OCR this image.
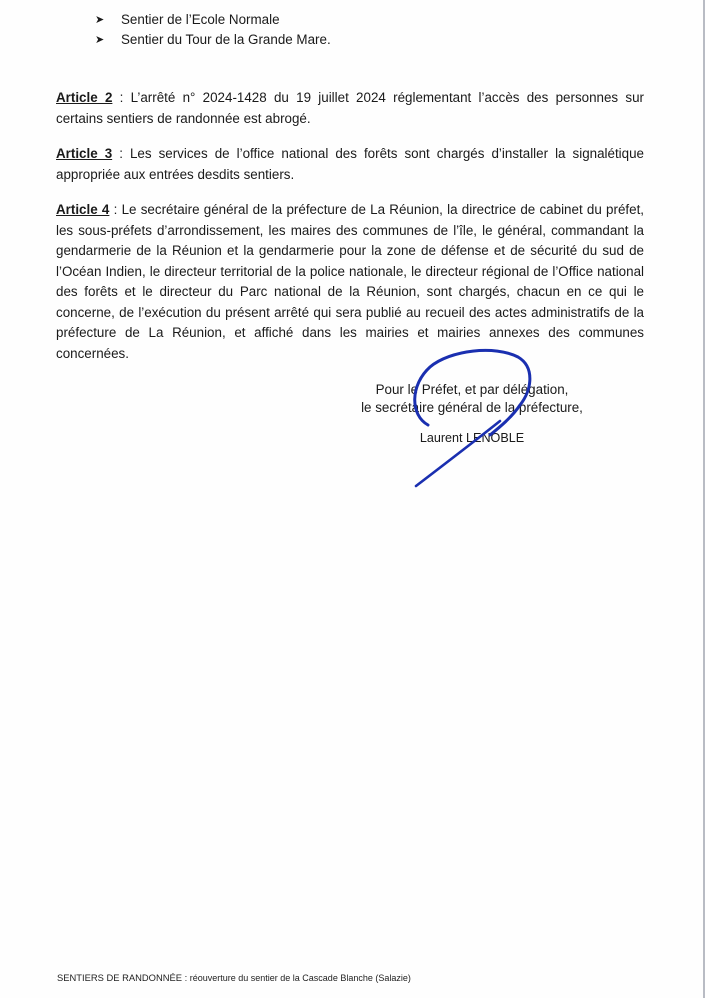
➤	Sentier de l’Ecole Normale
➤	Sentier du Tour de la Grande Mare.

Article 2 : L’arrêté n° 2024-1428 du 19 juillet 2024 réglementant l’accès des personnes sur certains sentiers de randonnée est abrogé.

Article 3 : Les services de l’office national des forêts sont chargés d’installer la signalétique appropriée aux entrées desdits sentiers.

Article 4 : Le secrétaire général de la préfecture de La Réunion, la directrice de cabinet du préfet, les sous-préfets d’arrondissement, les maires des communes de l’île, le général, commandant la gendarmerie de la Réunion et la gendarmerie pour la zone de défense et de sécurité du sud de l’Océan Indien, le directeur territorial de la police nationale, le directeur régional de l’Office national des forêts et le directeur du Parc national de la Réunion, sont chargés, chacun en ce qui le concerne, de l’exécution du présent arrêté qui sera publié au recueil des actes administratifs de la préfecture de La Réunion, et affiché dans les mairies et mairies annexes des communes concernées.

Pour le Préfet, et par délégation,
le secrétaire général de la préfecture,
Laurent LENOBLE
SENTIERS DE RANDONNÉE : réouverture du sentier de la Cascade Blanche (Salazie)
